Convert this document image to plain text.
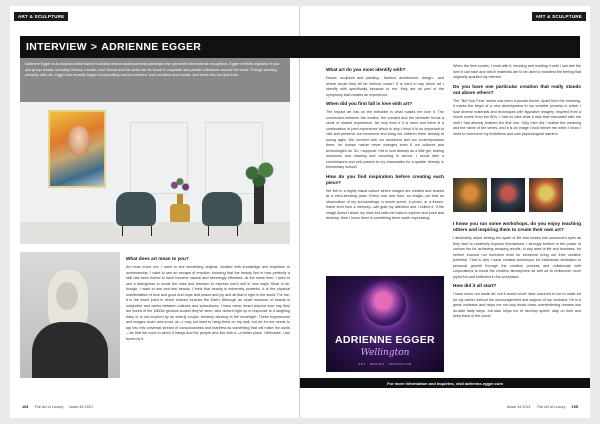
ART & SCULPTURE	ART & SCULPTURE
INTERVIEW > ADRIENNE EGGER
Adrienne Egger is an Austrian artist based in Austria whose award-winning paintings have garnered international recognition. Egger exhibits regularly in solo and group shows, including Vienna, London, and Vienna and her work can be found in corporate and private collections around the world. Though working primarily with oils, Egger has recently begun incorporating various textures, such as fabric and metals, and these into her and work.
What does art mean to you?

Art must move me. I want to see something original, created with knowledge and expertise of workmanship. I want to see an escape of emotion, knowing that the beauty lies in how perfectly a skill has been honed to have become natural and seemingly effortless. At the same time, I want to see a daringness to break the rules and freedom to express one's self in new ways. Most of all, though, I want to see and feel beauty. I think that beauty is extremely powerful. It is the physical manifestation of love and good and hope and peace and joy and all that is right in the world. For me, it is the exact point in which heaven touches the Earth. Although an exact measure of beauty is subjective and varies between cultures and subcultures, I have never heard anyone ever say they are bored of the 1800th glorious sunset they've seen, who doesn't light up in response to a laughing baby or is not touched by an elderly couple, tenderly dancing in the moonlight. These experiences and images touch and move us—I may not want to hang them on my wall, but art for me needs to tap into this universal stream of consciousness and manifest as something that will make the world—be that the room in which it hangs and the people who live with it—a better place. Otherwise, I am bored by it.

What art do you most identify with?

Dance, sculpture and painting... fashion, architecture, design... and where would they all be without music? It is hard to say which art I identify with specifically because to me, they are all part of the symphony that creates an experience.

When did you first fall in love with art?

The impact art has on the beholder is what makes me love it. The connection between the creator, the created and the beholder forms a circle of shared experience. Art only lives if it is seen and there is a continuation of joint experience which is why I think it is so important to visit and preserve our museums and bring our children there already at young ages. We connect with our ancestors and our contemporaries there, for human nature never changes even if our cultures and technologies do. So, I suppose I fell in love already as a little girl, visiting museums and drawing and colouring in school. I would take a commissions and sell posters to my classmates for a quarter already in elementary school!

How do you find inspiration before creating each piece?

We live in a highly visual culture where images are created and shared at a mind-bending pace. Every now and then, an image—be that an observation of my surroundings, a movie scene, a photo, or a freeze-frame shot from a memory—will grab my attention and I collect it. If the image doesn't leave my mind but calls me back to explore and push and develop, then I know there is something there worth expressing.

ADRIENNE EGGER
Wellington
ART · DESIGN · INNOVATION

When the time comes, I work with it, bending and molding it until I can see the form it can take and which materials are to be used to manifest the feeling that originally sparked my interest.

Do you have one particular creation that really stands out above others?

The "Bill Your Fear" series has been a pivotal theme. Apart from the meaning, it marks the begin of a new development in my creative process in which I fuse diverse materials and techniques with figurative imagery. Inspired from a movie scene from the 80's, I had no idea what it was that resonated with me until I had already finished the first one. Only then did I realise the meaning and the name of the series, and it is an image I hold before me when I know I need to overcome my inhibitions and own psychological barriers.

I know you run some workshops, do you enjoy teaching others and inspiring them to create their own art?

I absolutely adore seeing the spark of life that comes into someone's eyes as they start to creatively express themselves. I strongly believe in the power of curious fun for achieving amazing results, in any area of life and business, for neither burnout nor boredom exist for someone living out their creative potential. That is why I have created workshops for individuals dedicated to personal growth through the creative process and collaborate with corporations to boost the creative atmosphere as well as to rediscover more joyful fun and fulfilment in the workplace.

How did it all start?

I have never not made art, but it would never have occurred to me to make art for my career without the encouragement and support of my husband. He is a great motivator and helps me not only break down overwhelming dreams into do-able daily steps, but also helps me to develop speed, stay on time and keep track of the clock!

For more information and inquiries, visit adrienne-egger.com
104 The Art of Luxury Issue 44 2021	Issue 44 2021 The Art of Luxury 105
